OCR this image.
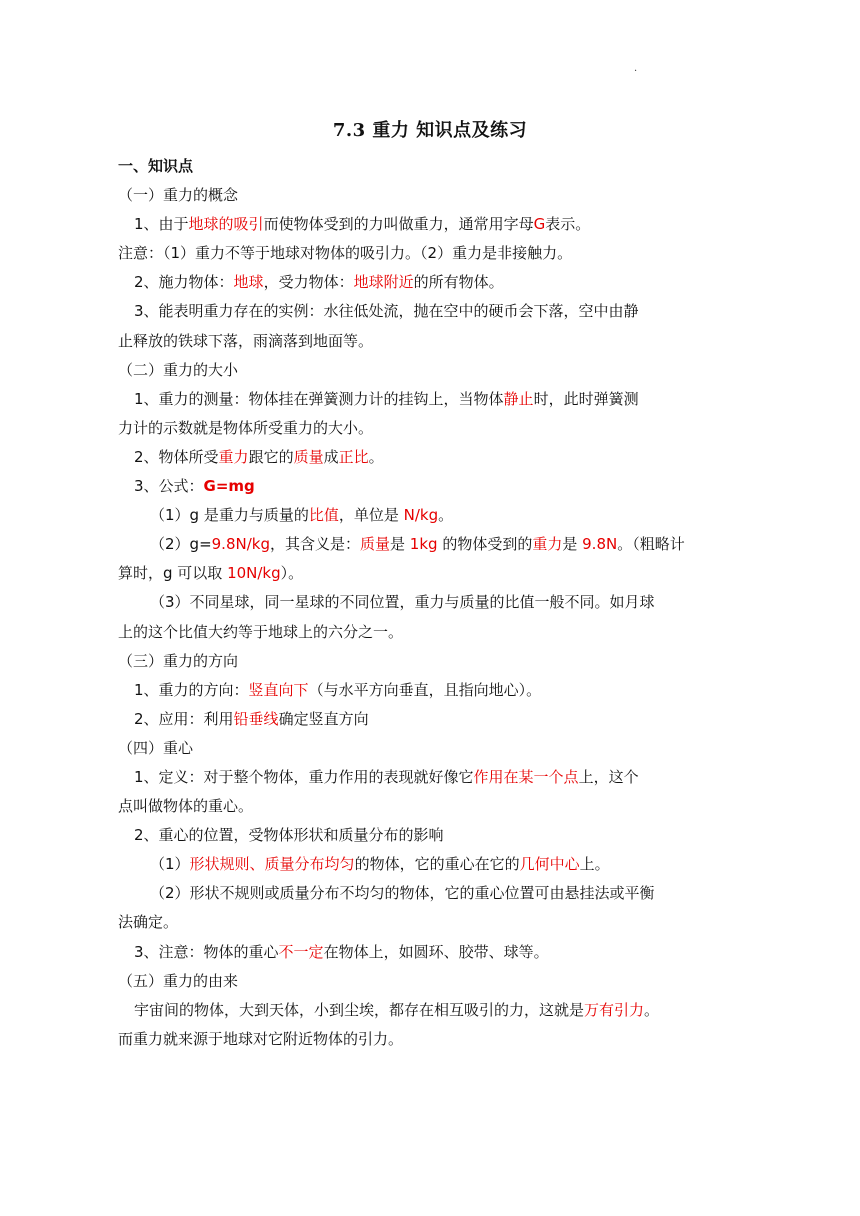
·
7.3 重力 知识点及练习
一、知识点
（一）重力的概念
1、由于地球的吸引而使物体受到的力叫做重力，通常用字母G表示。
注意：（1）重力不等于地球对物体的吸引力。（2）重力是非接触力。
2、施力物体：地球，受力物体：地球附近的所有物体。
3、能表明重力存在的实例：水往低处流，抛在空中的硬币会下落，空中由静
止释放的铁球下落，雨滴落到地面等。
（二）重力的大小
1、重力的测量：物体挂在弹簧测力计的挂钩上，当物体静止时，此时弹簧测
力计的示数就是物体所受重力的大小。
2、物体所受重力跟它的质量成正比。
3、公式：G=mg
（1）g 是重力与质量的比值，单位是 N/kg。
（2）g=9.8N/kg，其含义是：质量是 1kg 的物体受到的重力是 9.8N。（粗略计
算时，g 可以取 10N/kg）。
（3）不同星球，同一星球的不同位置，重力与质量的比值一般不同。如月球
上的这个比值大约等于地球上的六分之一。
（三）重力的方向
1、重力的方向：竖直向下（与水平方向垂直，且指向地心）。
2、应用：利用铅垂线确定竖直方向
（四）重心
1、定义：对于整个物体，重力作用的表现就好像它作用在某一个点上，这个
点叫做物体的重心。
2、重心的位置，受物体形状和质量分布的影响
（1）形状规则、质量分布均匀的物体，它的重心在它的几何中心上。
（2）形状不规则或质量分布不均匀的物体，它的重心位置可由悬挂法或平衡
法确定。
3、注意：物体的重心不一定在物体上，如圆环、胶带、球等。
（五）重力的由来
宇宙间的物体，大到天体，小到尘埃，都存在相互吸引的力，这就是万有引力。
而重力就来源于地球对它附近物体的引力。
